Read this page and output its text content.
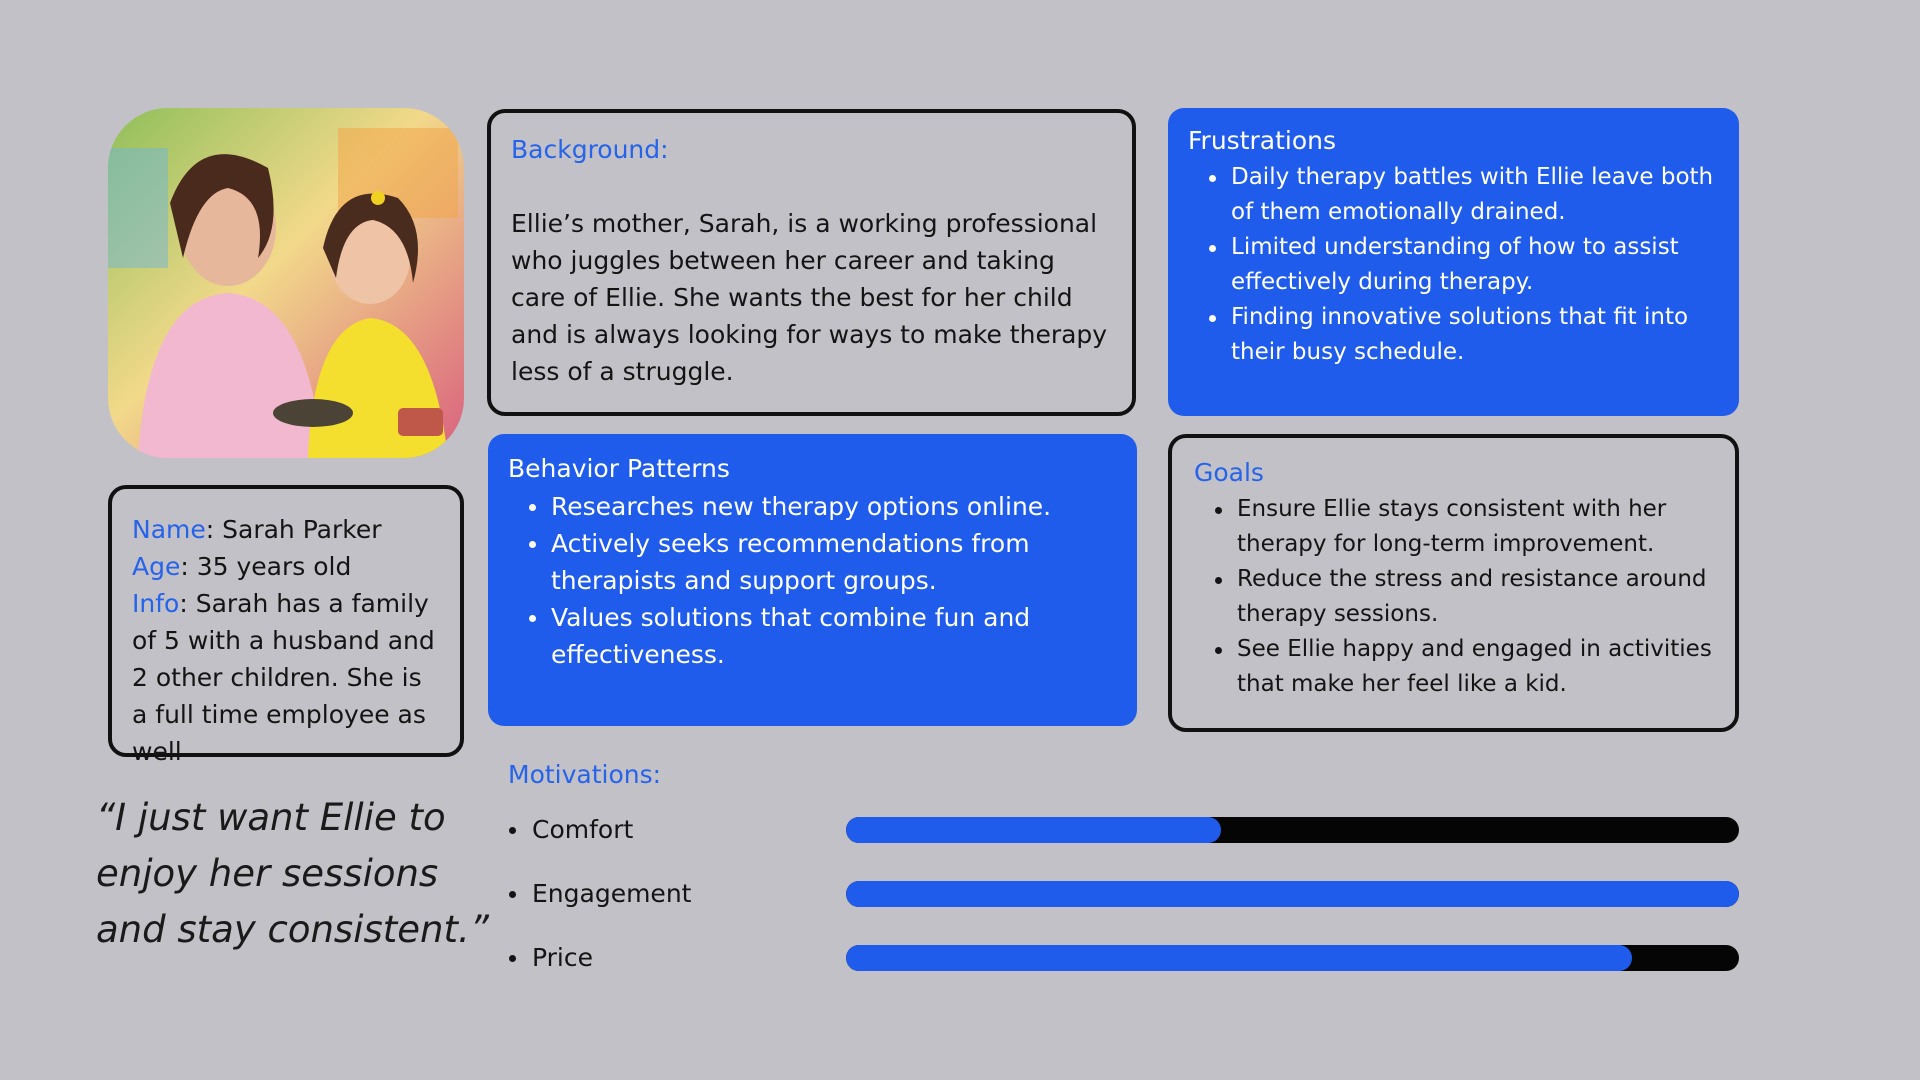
Name: Sarah Parker
Age: 35 years old
Info: Sarah has a family of 5 with a husband and 2 other children. She is a full time employee as well
Background:

Ellie’s mother, Sarah, is a working professional who juggles between her career and taking care of Ellie. She wants the best for her child and is always looking for ways to make therapy less of a struggle.

Frustrations
Daily therapy battles with Ellie leave both of them emotionally drained.
Limited understanding of how to assist effectively during therapy.
Finding innovative solutions that fit into their busy schedule.
Behavior Patterns
Researches new therapy options online.
Actively seeks recommendations from therapists and support groups.
Values solutions that combine fun and effectiveness.
Goals
Ensure Ellie stays consistent with her therapy for long-term improvement.
Reduce the stress and resistance around therapy sessions.
See Ellie happy and engaged in activities that make her feel like a kid.
“I just want Ellie to enjoy her sessions and stay consistent.”
Motivations:
Comfort
Engagement
Price
